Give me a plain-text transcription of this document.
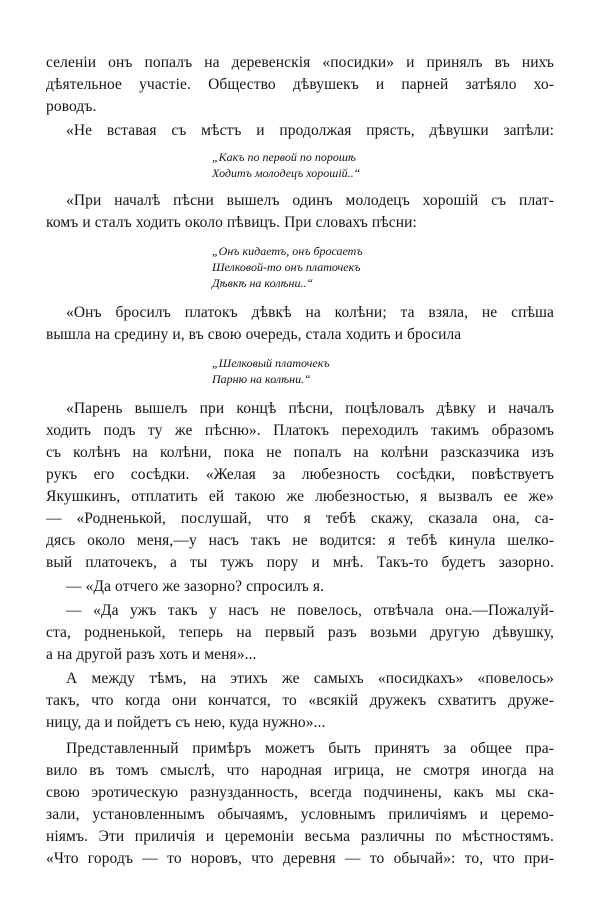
селенiи онъ попалъ на деревенскiя «посидки» и принялъ въ нихъ
дѣятельное участiе. Общество дѣвушекъ и парней затѣяло хо-
роводъ.
«Не вставая съ мѣстъ и продолжая прясть, дѣвушки запѣли:
„Какъ по первой по порошѣ
Ходитъ молодецъ хорошiй..“
«При началѣ пѣсни вышелъ одинъ молодецъ хорошiй съ плат-
комъ и сталъ ходить около пѣвицъ. При словахъ пѣсни:
„Онъ кидаетъ, онъ бросаетъ
Шелковой-то онъ платочекъ
Дѣвкѣ на колѣни..“
«Онъ бросилъ платокъ дѣвкѣ на колѣни; та взяла, не спѣша
вышла на средину и, въ свою очередь, стала ходить и бросила
„Шелковый платочекъ
Парню на колѣни.“
«Парень вышелъ при концѣ пѣсни, поцѣловалъ дѣвку и началъ
ходить подъ ту же пѣсню». Платокъ переходилъ такимъ образомъ
съ колѣнъ на колѣни, пока не попалъ на колѣни разсказчика изъ
рукъ его сосѣдки. «Желая за любезность сосѣдки, повѣствуетъ
Якушкинъ, отплатить ей такою же любезностью, я вызвалъ ее же»
— «Родненькой, послушай, что я тебѣ скажу, сказала она, са-
дясь около меня,—у насъ такъ не водится: я тебѣ кинула шелко-
вый платочекъ, а ты тужъ пору и мнѣ. Такъ-то будетъ зазорно.
— «Да отчего же зазорно? спросилъ я.
— «Да ужъ такъ у насъ не повелось, отвѣчала она.—Пожалуй-
ста, родненькой, теперь на первый разъ возьми другую дѣвушку,
а на другой разъ хоть и меня»...
А между тѣмъ, на этихъ же самыхъ «посидкахъ» «повелось»
такъ, что когда они кончатся, то «всякiй дружекъ схватитъ друже-
ницу, да и пойдетъ съ нею, куда нужно»...
Представленный примѣръ можетъ быть принятъ за общее пра-
вило въ томъ смыслѣ, что народная игрица, не смотря иногда на
свою эротическую разнузданность, всегда подчинены, какъ мы ска-
зали, установленнымъ обычаямъ, условнымъ приличiямъ и церемо-
нiямъ. Эти приличiя и церемонiи весьма различны по мѣстностямъ.
«Что городъ — то норовъ, что деревня — то обычай»: то, что при-
